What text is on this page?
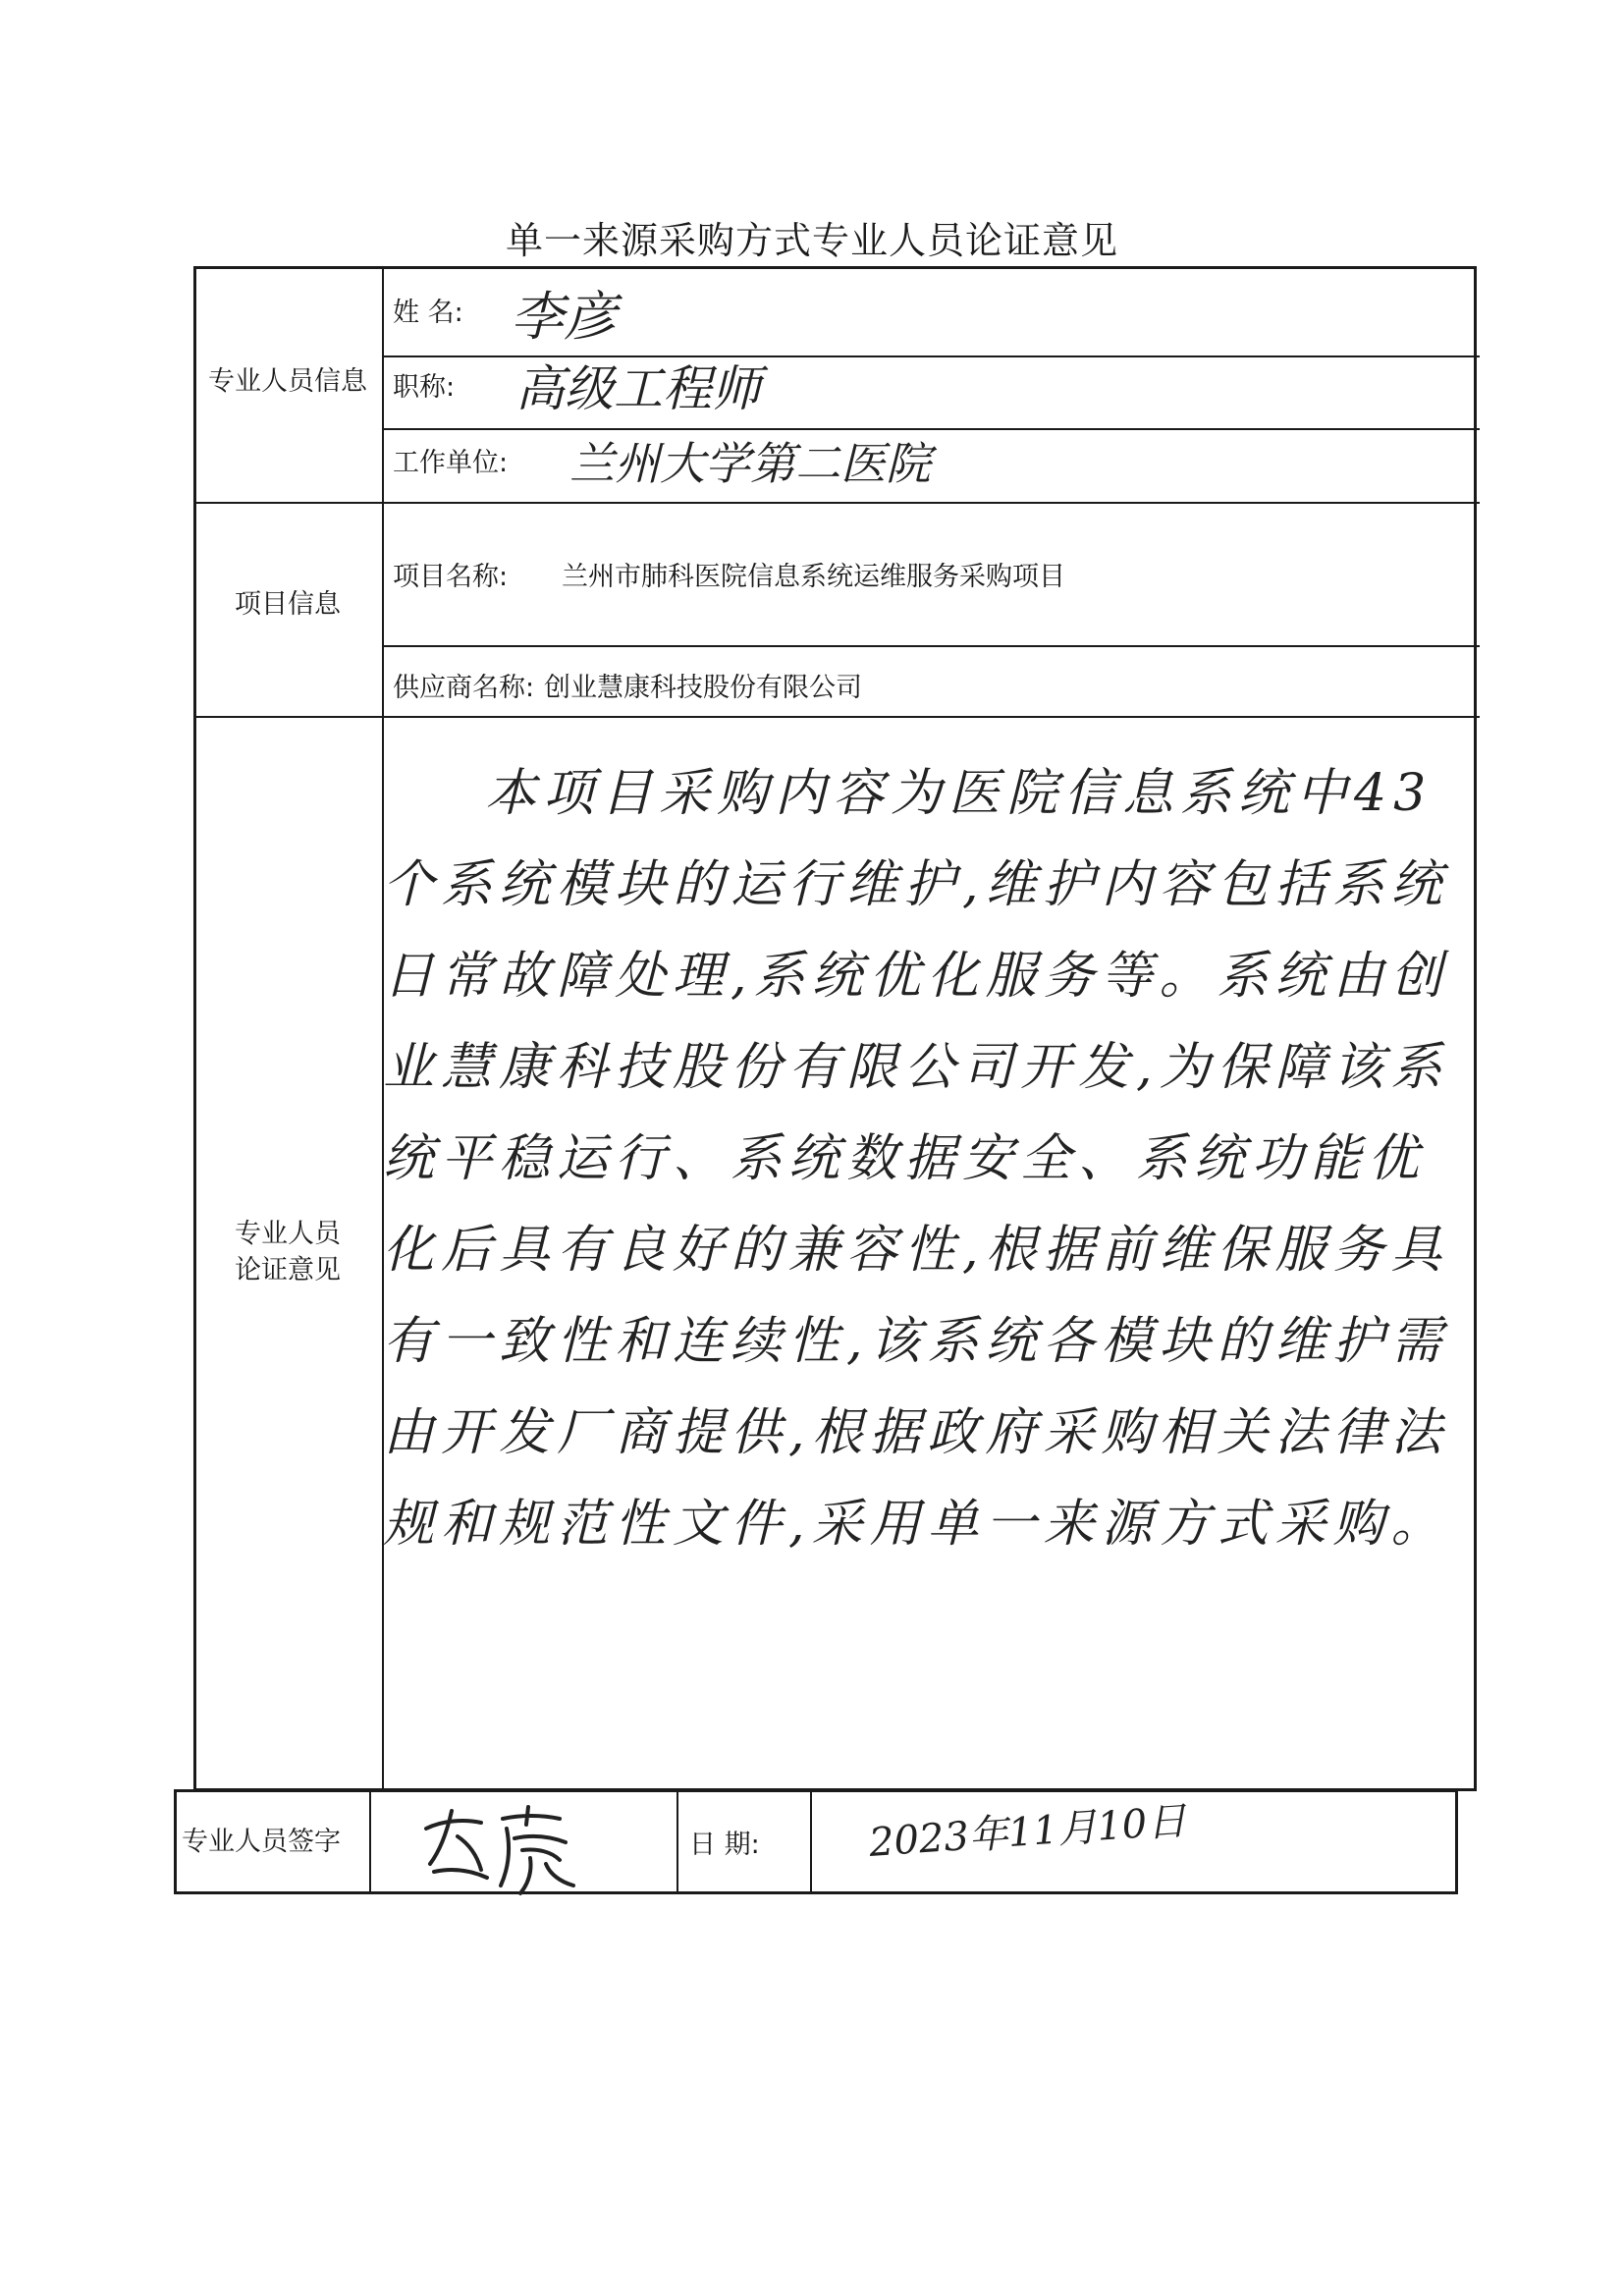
单一来源采购方式专业人员论证意见
专业人员信息
姓 名: 李彦
职称: 高级工程师
工作单位: 兰州大学第二医院
项目信息
项目名称: 兰州市肺科医院信息系统运维服务采购项目
供应商名称: 创业慧康科技股份有限公司
专业人员
论证意见
本项目采购内容为医院信息系统中43个系统模块的运行维护,维护内容包括系统日常故障处理,系统优化服务等。系统由创业慧康科技股份有限公司开发,为保障该系统平稳运行、系统数据安全、系统功能优化后具有良好的兼容性,根据前维保服务具有一致性和连续性,该系统各模块的维护需由开发厂商提供,根据政府采购相关法律法规和规范性文件,采用单一来源方式采购。
专业人员签字	日 期:	2023年11月10日
